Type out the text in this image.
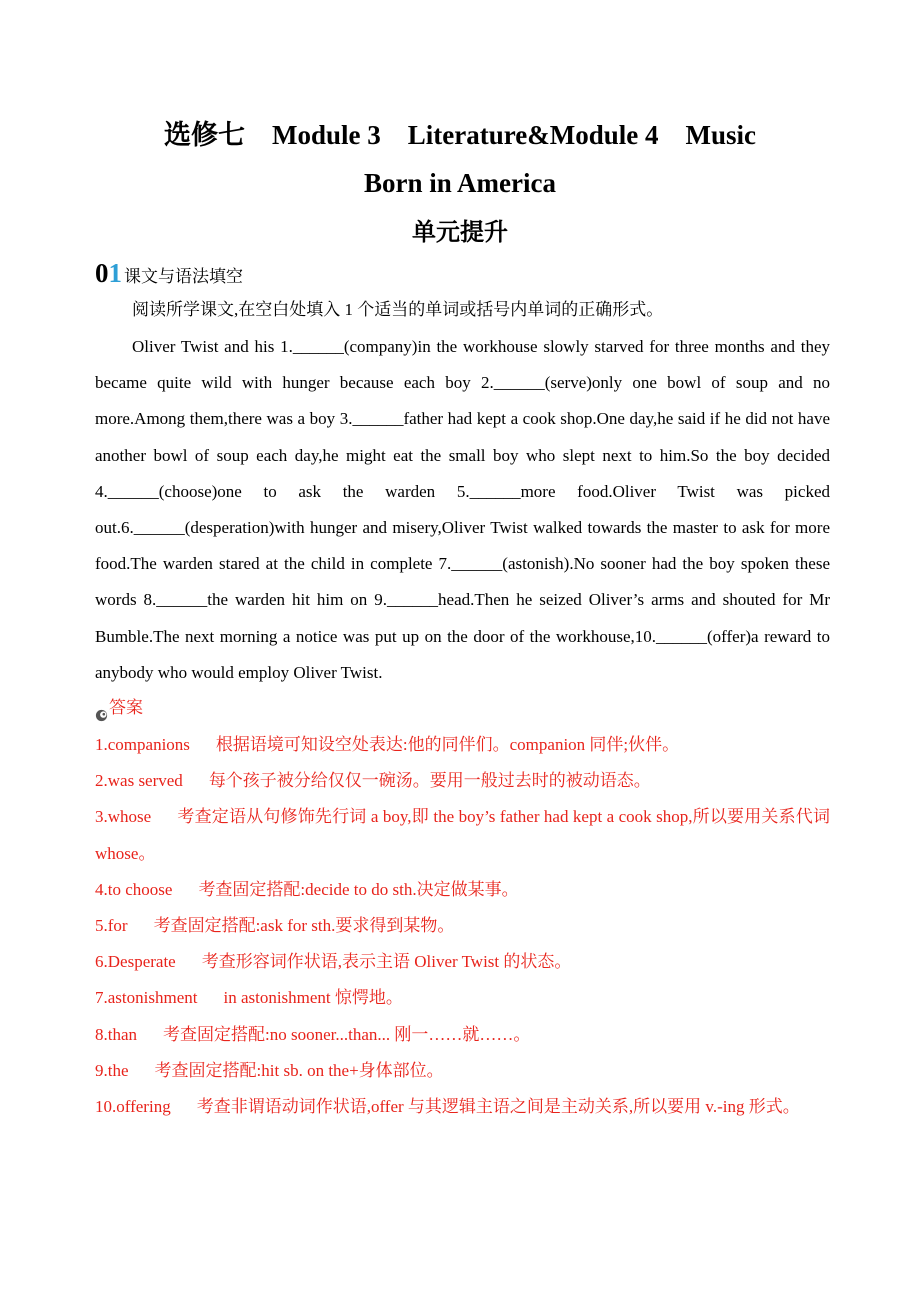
选修七　Module 3　Literature&Module 4　Music
Born in America
单元提升
01 课文与语法填空
阅读所学课文,在空白处填入 1 个适当的单词或括号内单词的正确形式。
Oliver Twist and his 1.______(company)in the workhouse slowly starved for three months and they became quite wild with hunger because each boy 2.______(serve)only one bowl of soup and no more.Among them,there was a boy 3.______father had kept a cook shop.One day,he said if he did not have another bowl of soup each day,he might eat the small boy who slept next to him.So the boy decided 4.______(choose)one to ask the warden 5.______more food.Oliver Twist was picked out.6.______(desperation)with hunger and misery,Oliver Twist walked towards the master to ask for more food.The warden stared at the child in complete 7.______(astonish).No sooner had the boy spoken these words 8.______the warden hit him on 9.______head.Then he seized Oliver’s arms and shouted for Mr Bumble.The next morning a notice was put up on the door of the workhouse,10.______(offer)a reward to anybody who would employ Oliver Twist.
答案

1.companions 根据语境可知设空处表达:他的同伴们。companion 同伴;伙伴。

2.was served 每个孩子被分给仅仅一碗汤。要用一般过去时的被动语态。

3.whose 考查定语从句修饰先行词 a boy,即 the boy’s father had kept a cook shop,所以要用关系代词 whose。

4.to choose 考查固定搭配:decide to do sth.决定做某事。

5.for 考查固定搭配:ask for sth.要求得到某物。

6.Desperate 考查形容词作状语,表示主语 Oliver Twist 的状态。

7.astonishment in astonishment 惊愕地。

8.than 考查固定搭配:no sooner...than... 刚一……就……。

9.the 考查固定搭配:hit sb. on the+身体部位。

10.offering 考查非谓语动词作状语,offer 与其逻辑主语之间是主动关系,所以要用 v.-ing 形式。
